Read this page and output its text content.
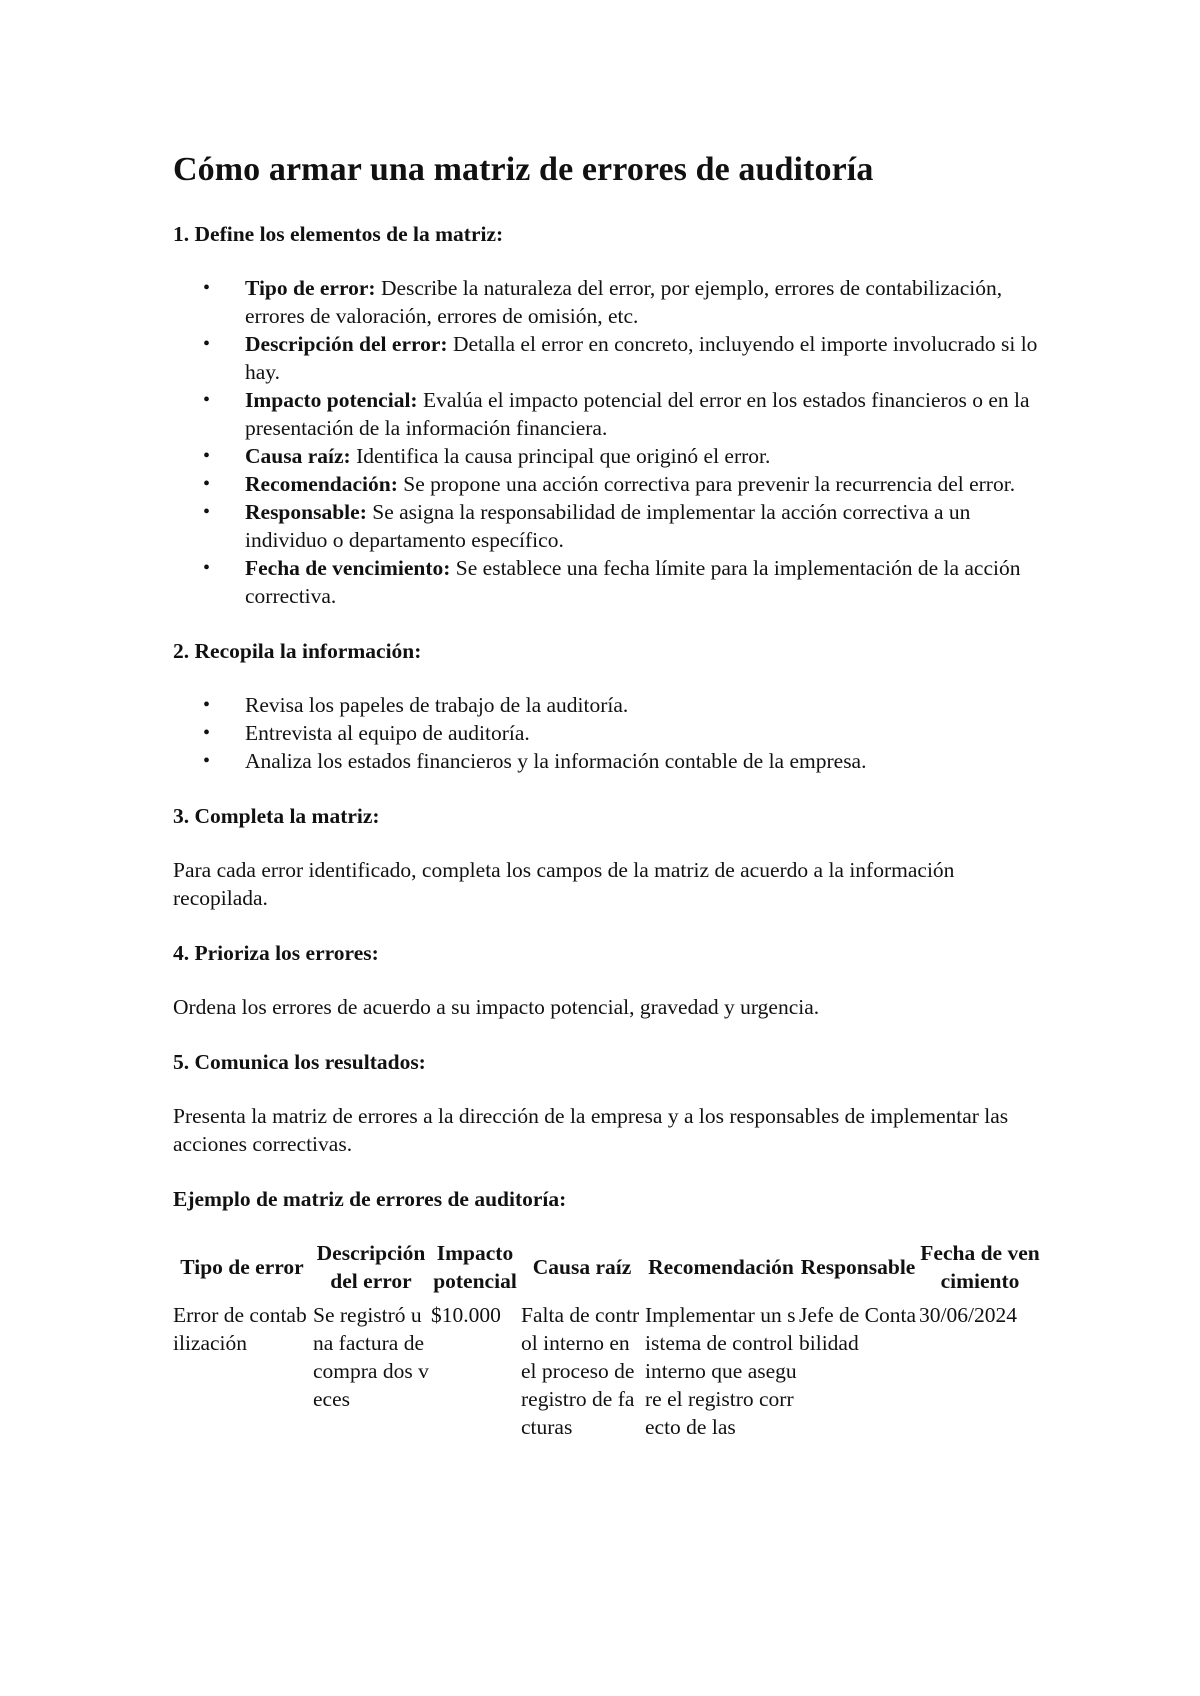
Cómo armar una matriz de errores de auditoría
1. Define los elementos de la matriz:
• Tipo de error: Describe la naturaleza del error, por ejemplo, errores de contabilización, errores de valoración, errores de omisión, etc.
• Descripción del error: Detalla el error en concreto, incluyendo el importe involucrado si lo hay.
• Impacto potencial: Evalúa el impacto potencial del error en los estados financieros o en la presentación de la información financiera.
• Causa raíz: Identifica la causa principal que originó el error.
• Recomendación: Se propone una acción correctiva para prevenir la recurrencia del error.
• Responsable: Se asigna la responsabilidad de implementar la acción correctiva a un individuo o departamento específico.
• Fecha de vencimiento: Se establece una fecha límite para la implementación de la acción correctiva.
2. Recopila la información:
• Revisa los papeles de trabajo de la auditoría.
• Entrevista al equipo de auditoría.
• Analiza los estados financieros y la información contable de la empresa.
3. Completa la matriz:

Para cada error identificado, completa los campos de la matriz de acuerdo a la información recopilada.

4. Prioriza los errores:

Ordena los errores de acuerdo a su impacto potencial, gravedad y urgencia.

5. Comunica los resultados:

Presenta la matriz de errores a la dirección de la empresa y a los responsables de implementar las acciones correctivas.

Ejemplo de matriz de errores de auditoría:
Tipo de error	Descripción del error	Impacto potencial	Causa raíz	Recomendación	Responsable	Fecha de vencimiento
Error de contabilización	Se registró una factura de compra dos veces	$10.000	Falta de control interno en el proceso de registro de facturas	Implementar un sistema de control interno que asegure el registro correcto de las	Jefe de Contabilidad	30/06/2024
